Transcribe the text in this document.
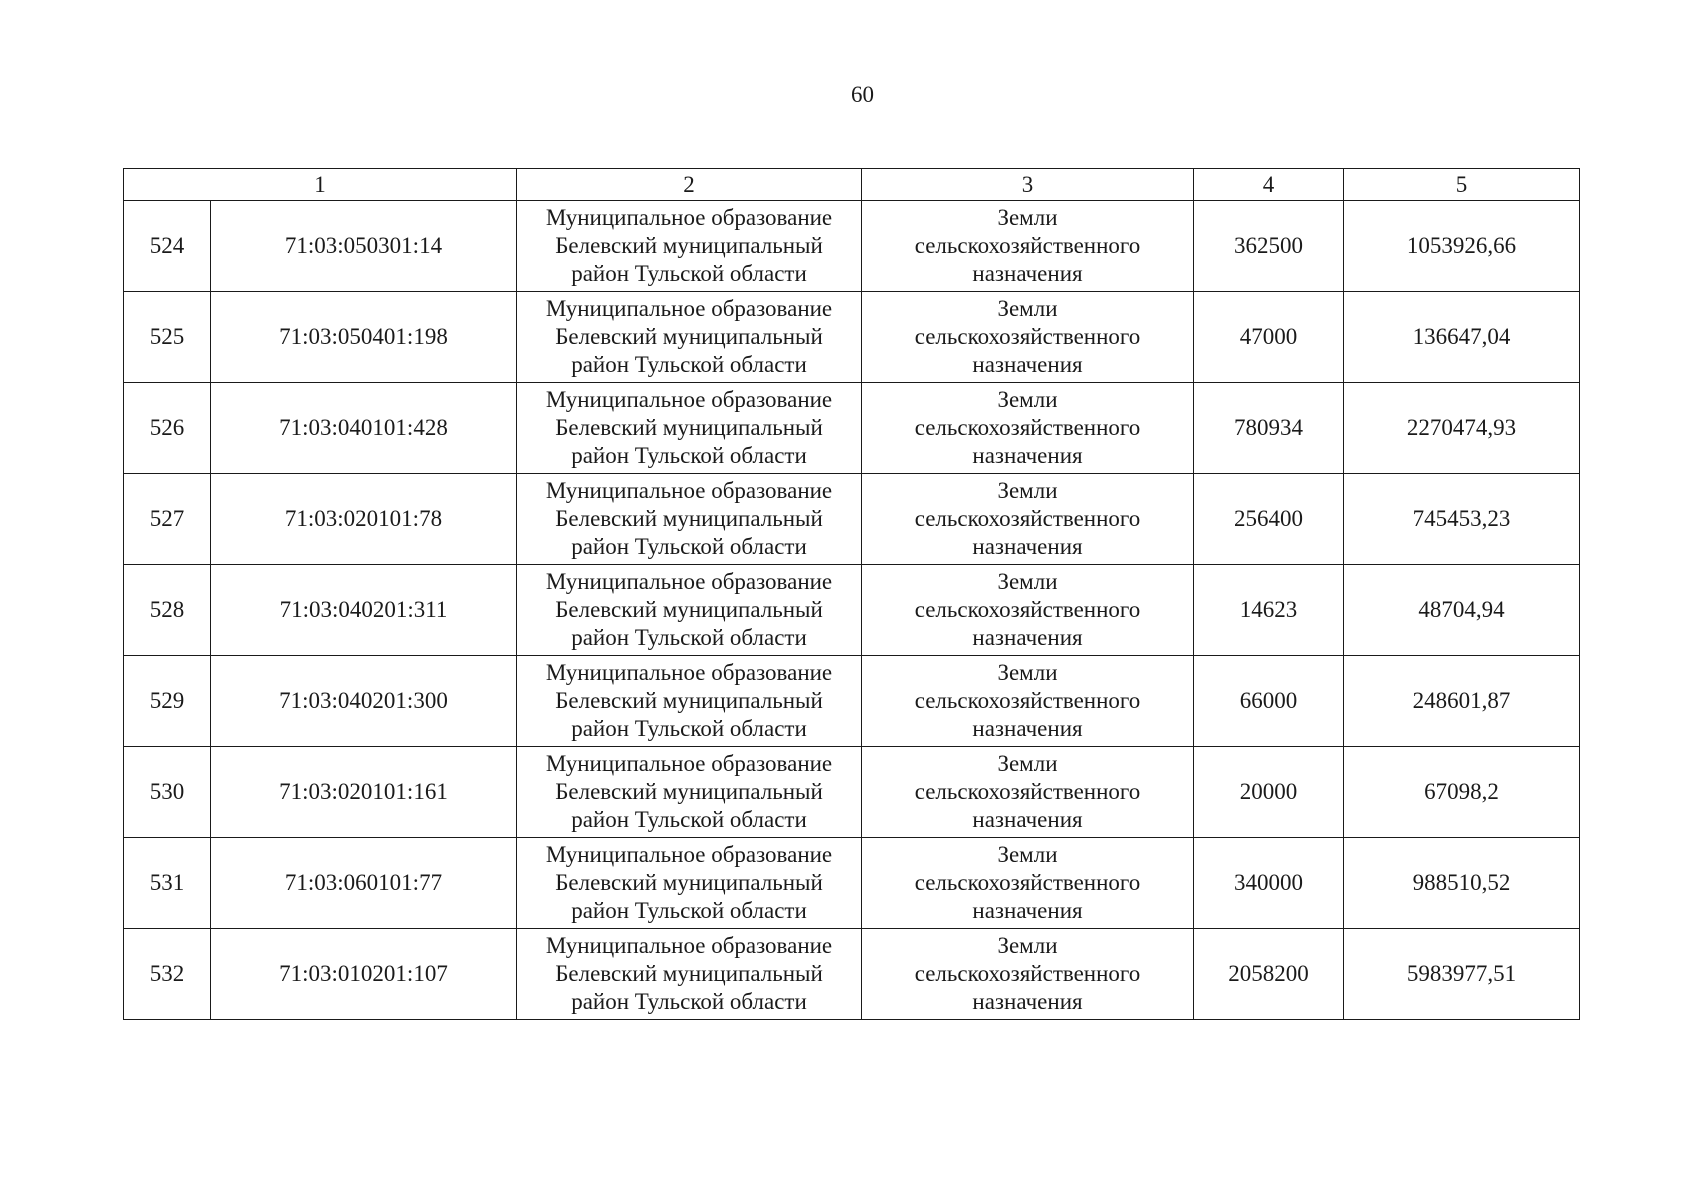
60
1		2	3	4	5
524	71:03:050301:14	Муниципальное образование
Белевский муниципальный
район Тульской области	Земли
сельскохозяйственного
назначения	362500	1053926,66
525	71:03:050401:198	Муниципальное образование
Белевский муниципальный
район Тульской области	Земли
сельскохозяйственного
назначения	47000	136647,04
526	71:03:040101:428	Муниципальное образование
Белевский муниципальный
район Тульской области	Земли
сельскохозяйственного
назначения	780934	2270474,93
527	71:03:020101:78	Муниципальное образование
Белевский муниципальный
район Тульской области	Земли
сельскохозяйственного
назначения	256400	745453,23
528	71:03:040201:311	Муниципальное образование
Белевский муниципальный
район Тульской области	Земли
сельскохозяйственного
назначения	14623	48704,94
529	71:03:040201:300	Муниципальное образование
Белевский муниципальный
район Тульской области	Земли
сельскохозяйственного
назначения	66000	248601,87
530	71:03:020101:161	Муниципальное образование
Белевский муниципальный
район Тульской области	Земли
сельскохозяйственного
назначения	20000	67098,2
531	71:03:060101:77	Муниципальное образование
Белевский муниципальный
район Тульской области	Земли
сельскохозяйственного
назначения	340000	988510,52
532	71:03:010201:107	Муниципальное образование
Белевский муниципальный
район Тульской области	Земли
сельскохозяйственного
назначения	2058200	5983977,51
